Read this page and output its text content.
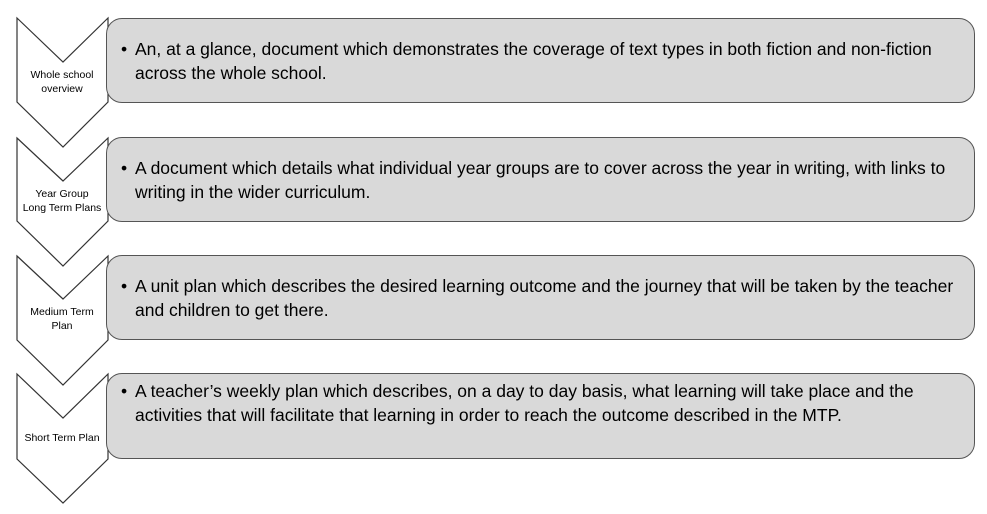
Whole school
overview
• An, at a glance, document which demonstrates the coverage of text types in both fiction and non-fiction across the whole school.
Year Group
Long Term Plans
• A document which details what individual year groups are to cover across the year in writing, with links to writing in the wider curriculum.
Medium Term
Plan
• A unit plan which describes the desired learning outcome and the journey that will be taken by the teacher and children to get there.
Short Term Plan
• A teacher’s weekly plan which describes, on a day to day basis, what learning will take place and the activities that will facilitate that learning in order to reach the outcome described in the MTP.
